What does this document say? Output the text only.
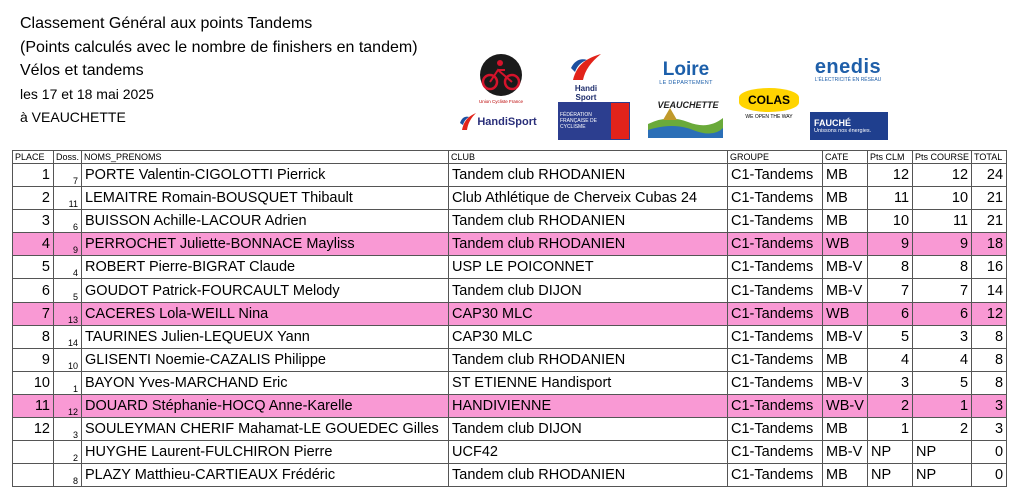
Classement Général aux points Tandems
(Points calculés avec le nombre de finishers en tandem)
Vélos et tandems
les 17 et 18 mai 2025
à VEAUCHETTE
Union Cycliste France
Handi Sport
Loire
LE DÉPARTEMENT
enedis
L'ÉLECTRICITÉ EN RÉSEAU
HandiSport
FÉDÉRATION FRANÇAISE DE CYCLISME
VEAUCHETTE COLAS
WE OPEN THE WAY
FAUCHÉ
Unissons nos énergies.
PLACE	Doss.	NOMS_PRENOMS	CLUB	GROUPE	CATE	Pts CLM	Pts COURSE	TOTAL
1	7	PORTE Valentin-CIGOLOTTI Pierrick	Tandem club RHODANIEN	C1-Tandems	MB	12	12	24
2	11	LEMAITRE Romain-BOUSQUET Thibault	Club Athlétique de Cherveix Cubas 24	C1-Tandems	MB	11	10	21
3	6	BUISSON Achille-LACOUR Adrien	Tandem club RHODANIEN	C1-Tandems	MB	10	11	21
4	9	PERROCHET Juliette-BONNACE Mayliss	Tandem club RHODANIEN	C1-Tandems	WB	9	9	18
5	4	ROBERT Pierre-BIGRAT Claude	USP LE POICONNET	C1-Tandems	MB-V	8	8	16
6	5	GOUDOT Patrick-FOURCAULT Melody	Tandem club DIJON	C1-Tandems	MB-V	7	7	14
7	13	CACERES Lola-WEILL Nina	CAP30 MLC	C1-Tandems	WB	6	6	12
8	14	TAURINES Julien-LEQUEUX Yann	CAP30 MLC	C1-Tandems	MB-V	5	3	8
9	10	GLISENTI Noemie-CAZALIS Philippe	Tandem club RHODANIEN	C1-Tandems	MB	4	4	8
10	1	BAYON Yves-MARCHAND Eric	ST ETIENNE Handisport	C1-Tandems	MB-V	3	5	8
11	12	DOUARD Stéphanie-HOCQ Anne-Karelle	HANDIVIENNE	C1-Tandems	WB-V	2	1	3
12	3	SOULEYMAN CHERIF Mahamat-LE GOUEDEC Gilles	Tandem club DIJON	C1-Tandems	MB	1	2	3
	2	HUYGHE Laurent-FULCHIRON Pierre	UCF42	C1-Tandems	MB-V	NP	NP	0
	8	PLAZY Matthieu-CARTIEAUX Frédéric	Tandem club RHODANIEN	C1-Tandems	MB	NP	NP	0
